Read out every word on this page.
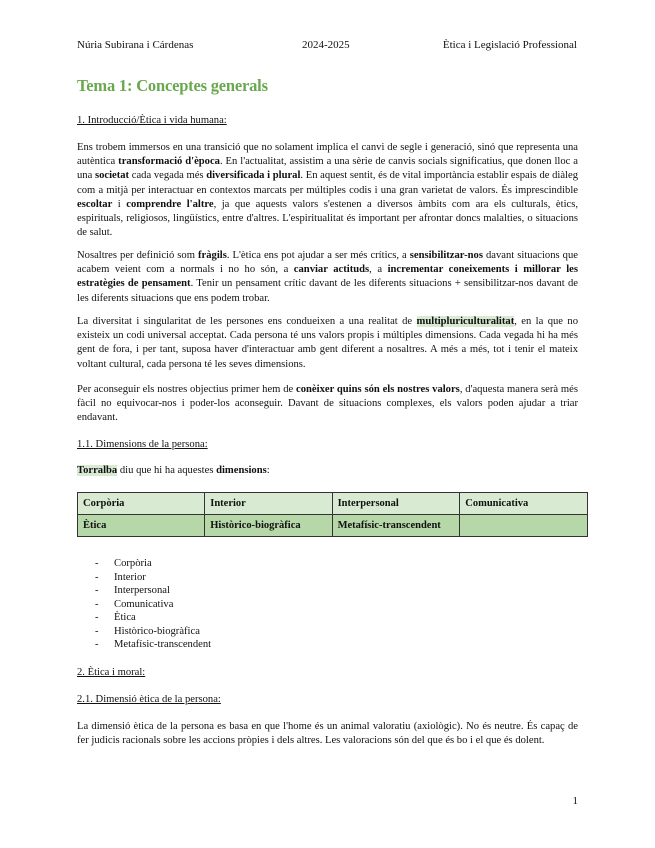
Núria Subirana i Cárdenas	2024-2025	Ètica i Legislació Professional
Tema 1: Conceptes generals
1. Introducció/Ètica i vida humana:
Ens trobem immersos en una transició que no solament implica el canvi de segle i generació, sinó que representa una autèntica transformació d'època. En l'actualitat, assistim a una sèrie de canvis socials significatius, que donen lloc a una societat cada vegada més diversificada i plural. En aquest sentit, és de vital importància establir espais de diàleg com a mitjà per interactuar en contextos marcats per múltiples codis i una gran varietat de valors. És imprescindible escoltar i comprendre l'altre, ja que aquests valors s'estenen a diversos àmbits com ara els culturals, ètics, espirituals, religiosos, lingüístics, entre d'altres. L'espiritualitat és important per afrontar doncs malalties, o situacions de salut.
Nosaltres per definició som fràgils. L'ètica ens pot ajudar a ser més crítics, a sensibilitzar-nos davant situacions que acabem veient com a normals i no ho són, a canviar actituds, a incrementar coneixements i millorar les estratègies de pensament. Tenir un pensament crític davant de les diferents situacions + sensibilitzar-nos davant de les diferents situacions que ens podem trobar.
La diversitat i singularitat de les persones ens condueixen a una realitat de multipluriculturalitat, en la que no existeix un codi universal acceptat. Cada persona té uns valors propis i múltiples dimensions. Cada vegada hi ha més gent de fora, i per tant, suposa haver d'interactuar amb gent diferent a nosaltres. A més a més, tot i tenir el mateix voltant cultural, cada persona té les seves dimensions.
Per aconseguir els nostres objectius primer hem de conèixer quins són els nostres valors, d'aquesta manera serà més fàcil no equivocar-nos i poder-los aconseguir. Davant de situacions complexes, els valors poden ajudar a triar endavant.
1.1. Dimensions de la persona:
Torralba diu que hi ha aquestes dimensions:
Corpòria	Interior	Interpersonal	Comunicativa
Ètica	Històrico-biogràfica	Metafísic-transcendent	
- Corpòria
- Interior
- Interpersonal
- Comunicativa
- Ètica
- Històrico-biogràfica
- Metafísic-transcendent
2. Ètica i moral:
2.1. Dimensió ètica de la persona:
La dimensió ètica de la persona es basa en que l'home és un animal valoratiu (axiològic). No és neutre. És capaç de fer judicis racionals sobre les accions pròpies i dels altres. Les valoracions són del que és bo i el que és dolent.
1
